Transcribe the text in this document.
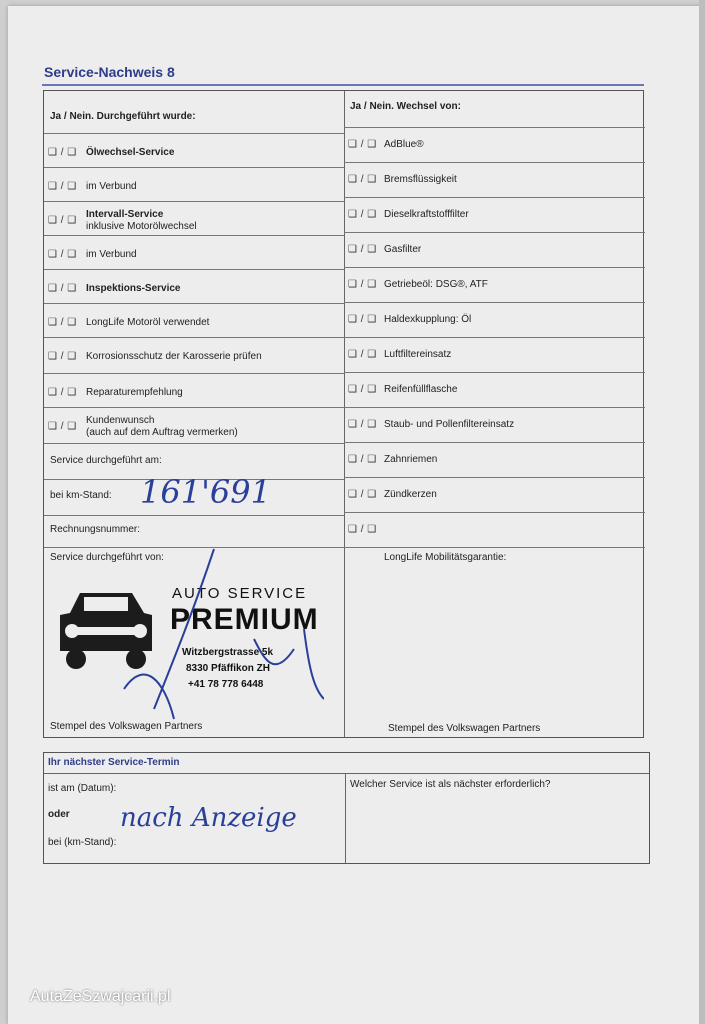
Service-Nachweis 8
Ja / Nein. Durchgeführt wurde:
Ja / Nein. Wechsel von:
❑ / ❑ Ölwechsel-Service
❑ / ❑ im Verbund
❑ / ❑
Intervall-Service
inklusive Motorölwechsel
❑ / ❑ im Verbund
❑ / ❑ Inspektions-Service
❑ / ❑ LongLife Motoröl verwendet
❑ / ❑ Korrosionsschutz der Karosserie prüfen
❑ / ❑ Reparaturempfehlung
❑ / ❑
Kundenwunsch
(auch auf dem Auftrag vermerken)
❑ / ❑ AdBlue®
❑ / ❑ Bremsflüssigkeit
❑ / ❑ Dieselkraftstofffilter
❑ / ❑ Gasfilter
❑ / ❑ Getriebeöl: DSG®, ATF
❑ / ❑ Haldexkupplung: Öl
❑ / ❑ Luftfiltereinsatz
❑ / ❑ Reifenfüllflasche
❑ / ❑ Staub- und Pollenfiltereinsatz
❑ / ❑ Zahnriemen
❑ / ❑ Zündkerzen
❑ / ❑
Service durchgeführt am:
bei km-Stand: 161'691
Rechnungsnummer:
Service durchgeführt von:	LongLife Mobilitätsgarantie:
AUTO SERVICE
PREMIUM
Witzbergstrasse 5k
8330 Pfäffikon ZH
+41 78 778 6448
Stempel des Volkswagen Partners	Stempel des Volkswagen Partners
Ihr nächster Service-Termin
ist am (Datum):
oder
bei (km-Stand):
nach Anzeige
Welcher Service ist als nächster erforderlich?
AutaZeSzwajcarii.pl
